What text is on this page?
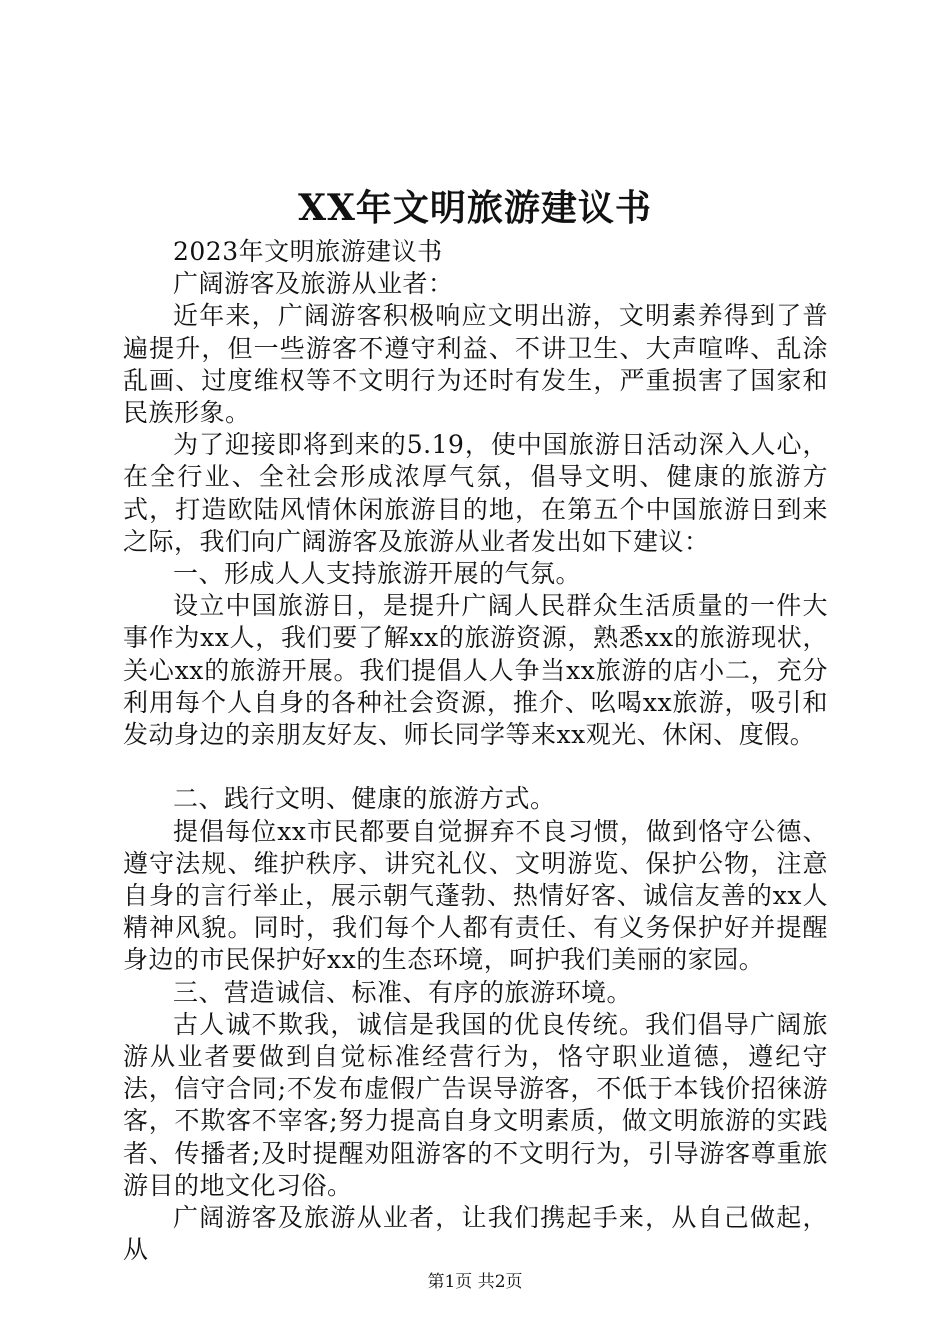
XX年文明旅游建议书

2023年文明旅游建议书

广阔游客及旅游从业者：

近年来，广阔游客积极响应文明出游，文明素养得到了普遍提升，但一些游客不遵守利益、不讲卫生、大声喧哗、乱涂乱画、过度维权等不文明行为还时有发生，严重损害了国家和民族形象。

为了迎接即将到来的5.19，使中国旅游日活动深入人心，在全行业、全社会形成浓厚气氛，倡导文明、健康的旅游方式，打造欧陆风情休闲旅游目的地，在第五个中国旅游日到来之际，我们向广阔游客及旅游从业者发出如下建议：

一、形成人人支持旅游开展的气氛。

设立中国旅游日，是提升广阔人民群众生活质量的一件大事作为xx人，我们要了解xx的旅游资源，熟悉xx的旅游现状，关心xx的旅游开展。我们提倡人人争当xx旅游的店小二，充分利用每个人自身的各种社会资源，推介、吆喝xx旅游，吸引和发动身边的亲朋友好友、师长同学等来xx观光、休闲、度假。

二、践行文明、健康的旅游方式。

提倡每位xx市民都要自觉摒弃不良习惯，做到恪守公德、遵守法规、维护秩序、讲究礼仪、文明游览、保护公物，注意自身的言行举止，展示朝气蓬勃、热情好客、诚信友善的xx人精神风貌。同时，我们每个人都有责任、有义务保护好并提醒身边的市民保护好xx的生态环境，呵护我们美丽的家园。

三、营造诚信、标准、有序的旅游环境。

古人诚不欺我，诚信是我国的优良传统。我们倡导广阔旅游从业者要做到自觉标准经营行为，恪守职业道德，遵纪守法，信守合同;不发布虚假广告误导游客，不低于本钱价招徕游客，不欺客不宰客;努力提高自身文明素质，做文明旅游的实践者、传播者;及时提醒劝阻游客的不文明行为，引导游客尊重旅游目的地文化习俗。

广阔游客及旅游从业者，让我们携起手来，从自己做起，从

第1页 共2页
